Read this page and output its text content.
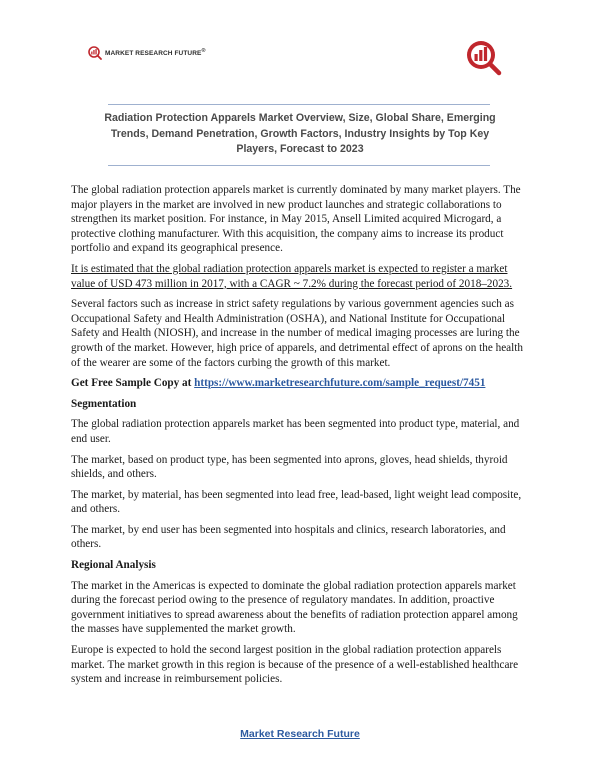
MARKET RESEARCH FUTURE®
Radiation Protection Apparels Market Overview, Size, Global Share, Emerging Trends, Demand Penetration, Growth Factors, Industry Insights by Top Key Players, Forecast to 2023

The global radiation protection apparels market is currently dominated by many market players. The major players in the market are involved in new product launches and strategic collaborations to strengthen its market position. For instance, in May 2015, Ansell Limited acquired Microgard, a protective clothing manufacturer. With this acquisition, the company aims to increase its product portfolio and expand its geographical presence.

It is estimated that the global radiation protection apparels market is expected to register a market value of USD 473 million in 2017, with a CAGR ~ 7.2% during the forecast period of 2018–2023.

Several factors such as increase in strict safety regulations by various government agencies such as Occupational Safety and Health Administration (OSHA), and National Institute for Occupational Safety and Health (NIOSH), and increase in the number of medical imaging processes are luring the growth of the market. However, high price of apparels, and detrimental effect of aprons on the health of the wearer are some of the factors curbing the growth of this market.

Get Free Sample Copy at https://www.marketresearchfuture.com/sample_request/7451

Segmentation

The global radiation protection apparels market has been segmented into product type, material, and end user.

The market, based on product type, has been segmented into aprons, gloves, head shields, thyroid shields, and others.

The market, by material, has been segmented into lead free, lead-based, light weight lead composite, and others.

The market, by end user has been segmented into hospitals and clinics, research laboratories, and others.

Regional Analysis

The market in the Americas is expected to dominate the global radiation protection apparels market during the forecast period owing to the presence of regulatory mandates. In addition, proactive government initiatives to spread awareness about the benefits of radiation protection apparel among the masses have supplemented the market growth.

Europe is expected to hold the second largest position in the global radiation protection apparels market. The market growth in this region is because of the presence of a well-established healthcare system and increase in reimbursement policies.

Market Research Future
